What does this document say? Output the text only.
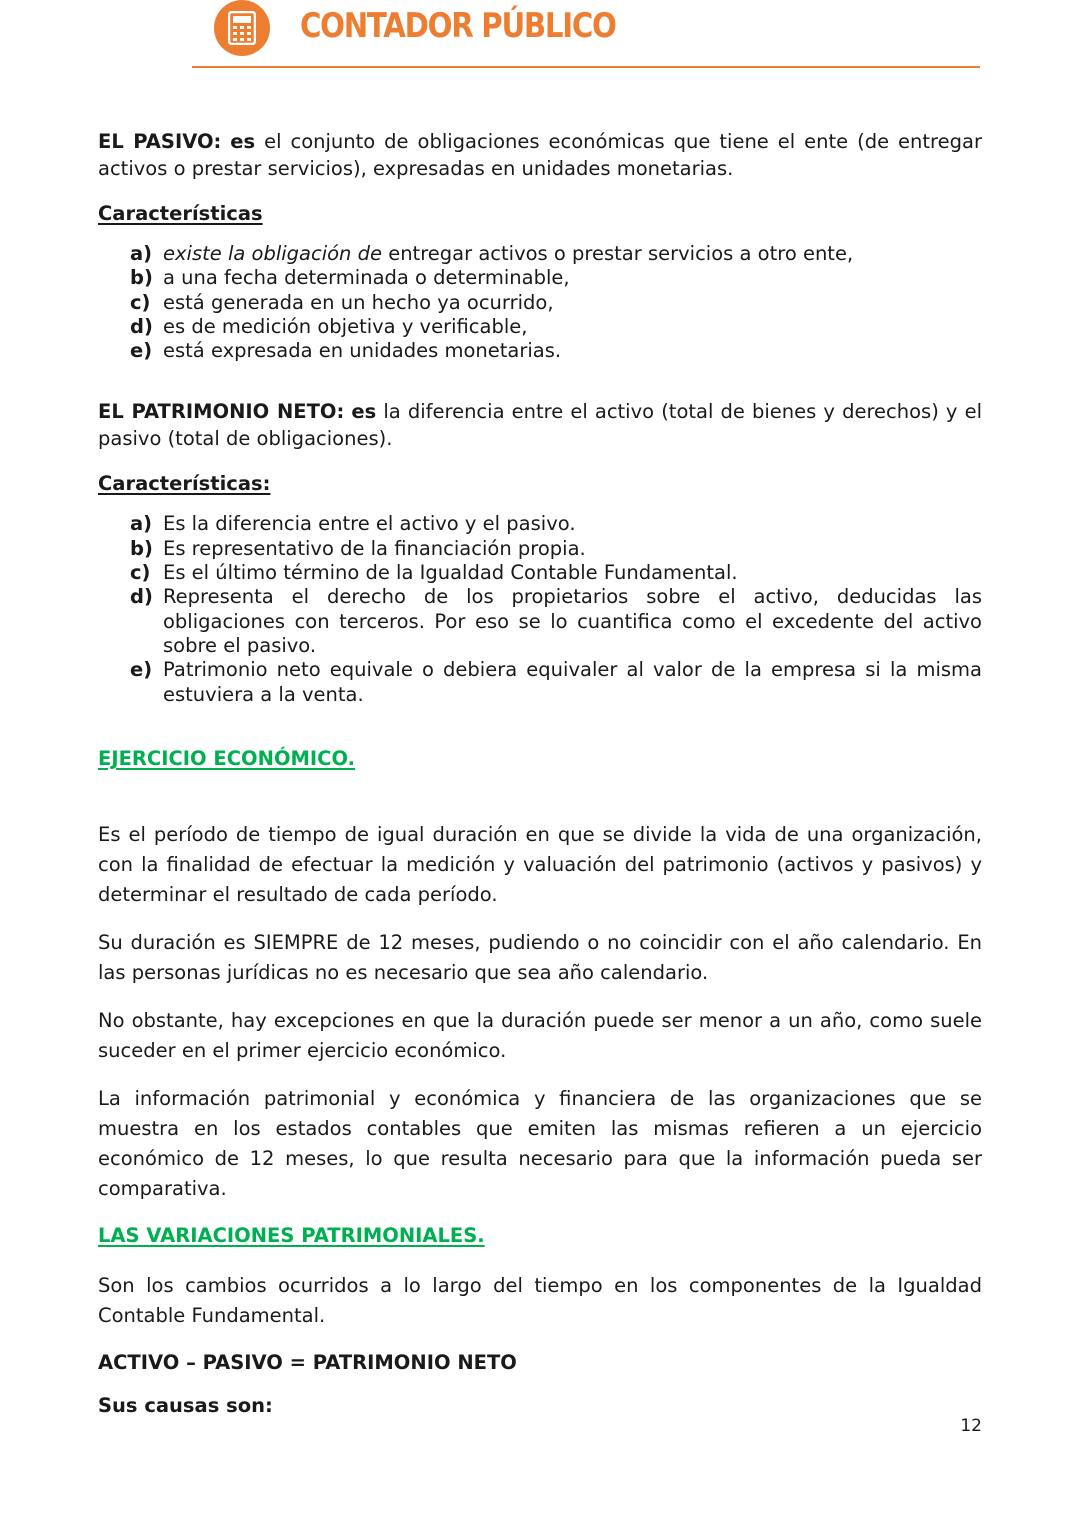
CONTADOR PÚBLICO

EL PASIVO: es el conjunto de obligaciones económicas que tiene el ente (de entregar activos o prestar servicios), expresadas en unidades monetarias.

Características
a) existe la obligación de entregar activos o prestar servicios a otro ente,
b) a una fecha determinada o determinable,
c) está generada en un hecho ya ocurrido,
d) es de medición objetiva y verificable,
e) está expresada en unidades monetarias.

EL PATRIMONIO NETO: es la diferencia entre el activo (total de bienes y derechos) y el pasivo (total de obligaciones).

Características:
a) Es la diferencia entre el activo y el pasivo.
b) Es representativo de la financiación propia.
c) Es el último término de la Igualdad Contable Fundamental.
d) Representa el derecho de los propietarios sobre el activo, deducidas las obligaciones con terceros. Por eso se lo cuantifica como el excedente del activo sobre el pasivo.
e) Patrimonio neto equivale o debiera equivaler al valor de la empresa si la misma estuviera a la venta.
EJERCICIO ECONÓMICO.

Es el período de tiempo de igual duración en que se divide la vida de una organización, con la finalidad de efectuar la medición y valuación del patrimonio (activos y pasivos) y determinar el resultado de cada período.

Su duración es SIEMPRE de 12 meses, pudiendo o no coincidir con el año calendario. En las personas jurídicas no es necesario que sea año calendario.

No obstante, hay excepciones en que la duración puede ser menor a un año, como suele suceder en el primer ejercicio económico.

La información patrimonial y económica y financiera de las organizaciones que se muestra en los estados contables que emiten las mismas refieren a un ejercicio económico de 12 meses, lo que resulta necesario para que la información pueda ser comparativa.

LAS VARIACIONES PATRIMONIALES.

Son los cambios ocurridos a lo largo del tiempo en los componentes de la Igualdad Contable Fundamental.

ACTIVO – PASIVO = PATRIMONIO NETO

Sus causas son:

12
